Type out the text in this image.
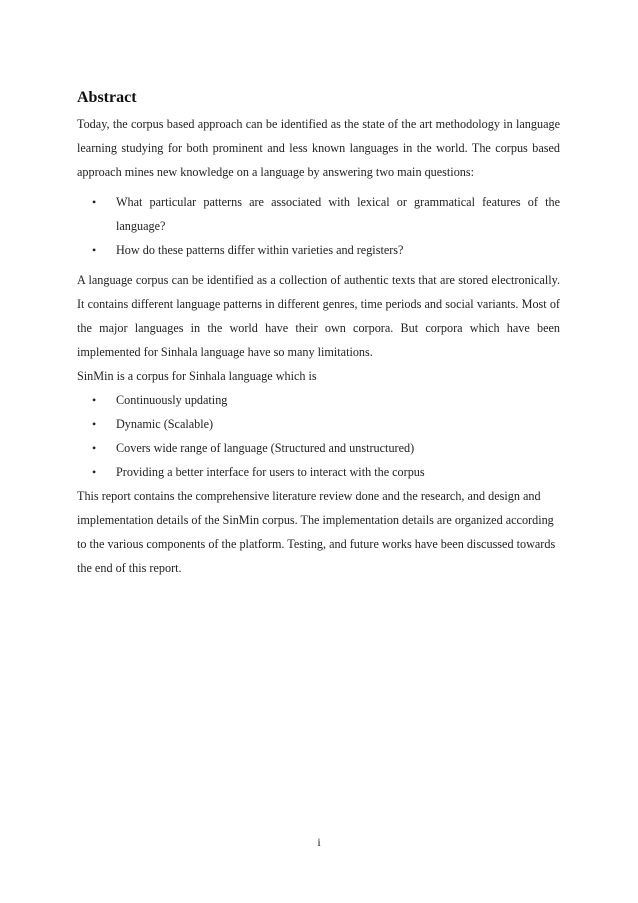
Abstract

Today, the corpus based approach can be identified as the state of the art methodology in language learning studying for both prominent and less known languages in the world. The corpus based approach mines new knowledge on a language by answering two main questions:

• What particular patterns are associated with lexical or grammatical features of the language?
• How do these patterns differ within varieties and registers?

A language corpus can be identified as a collection of authentic texts that are stored electronically. It contains different language patterns in different genres, time periods and social variants. Most of the major languages in the world have their own corpora. But corpora which have been implemented for Sinhala language have so many limitations.

SinMin is a corpus for Sinhala language which is

• Continuously updating
• Dynamic (Scalable)
• Covers wide range of language (Structured and unstructured)
• Providing a better interface for users to interact with the corpus

This report contains the comprehensive literature review done and the research, and design and implementation details of the SinMin corpus. The implementation details are organized according to the various components of the platform. Testing, and future works have been discussed towards the end of this report.

i
